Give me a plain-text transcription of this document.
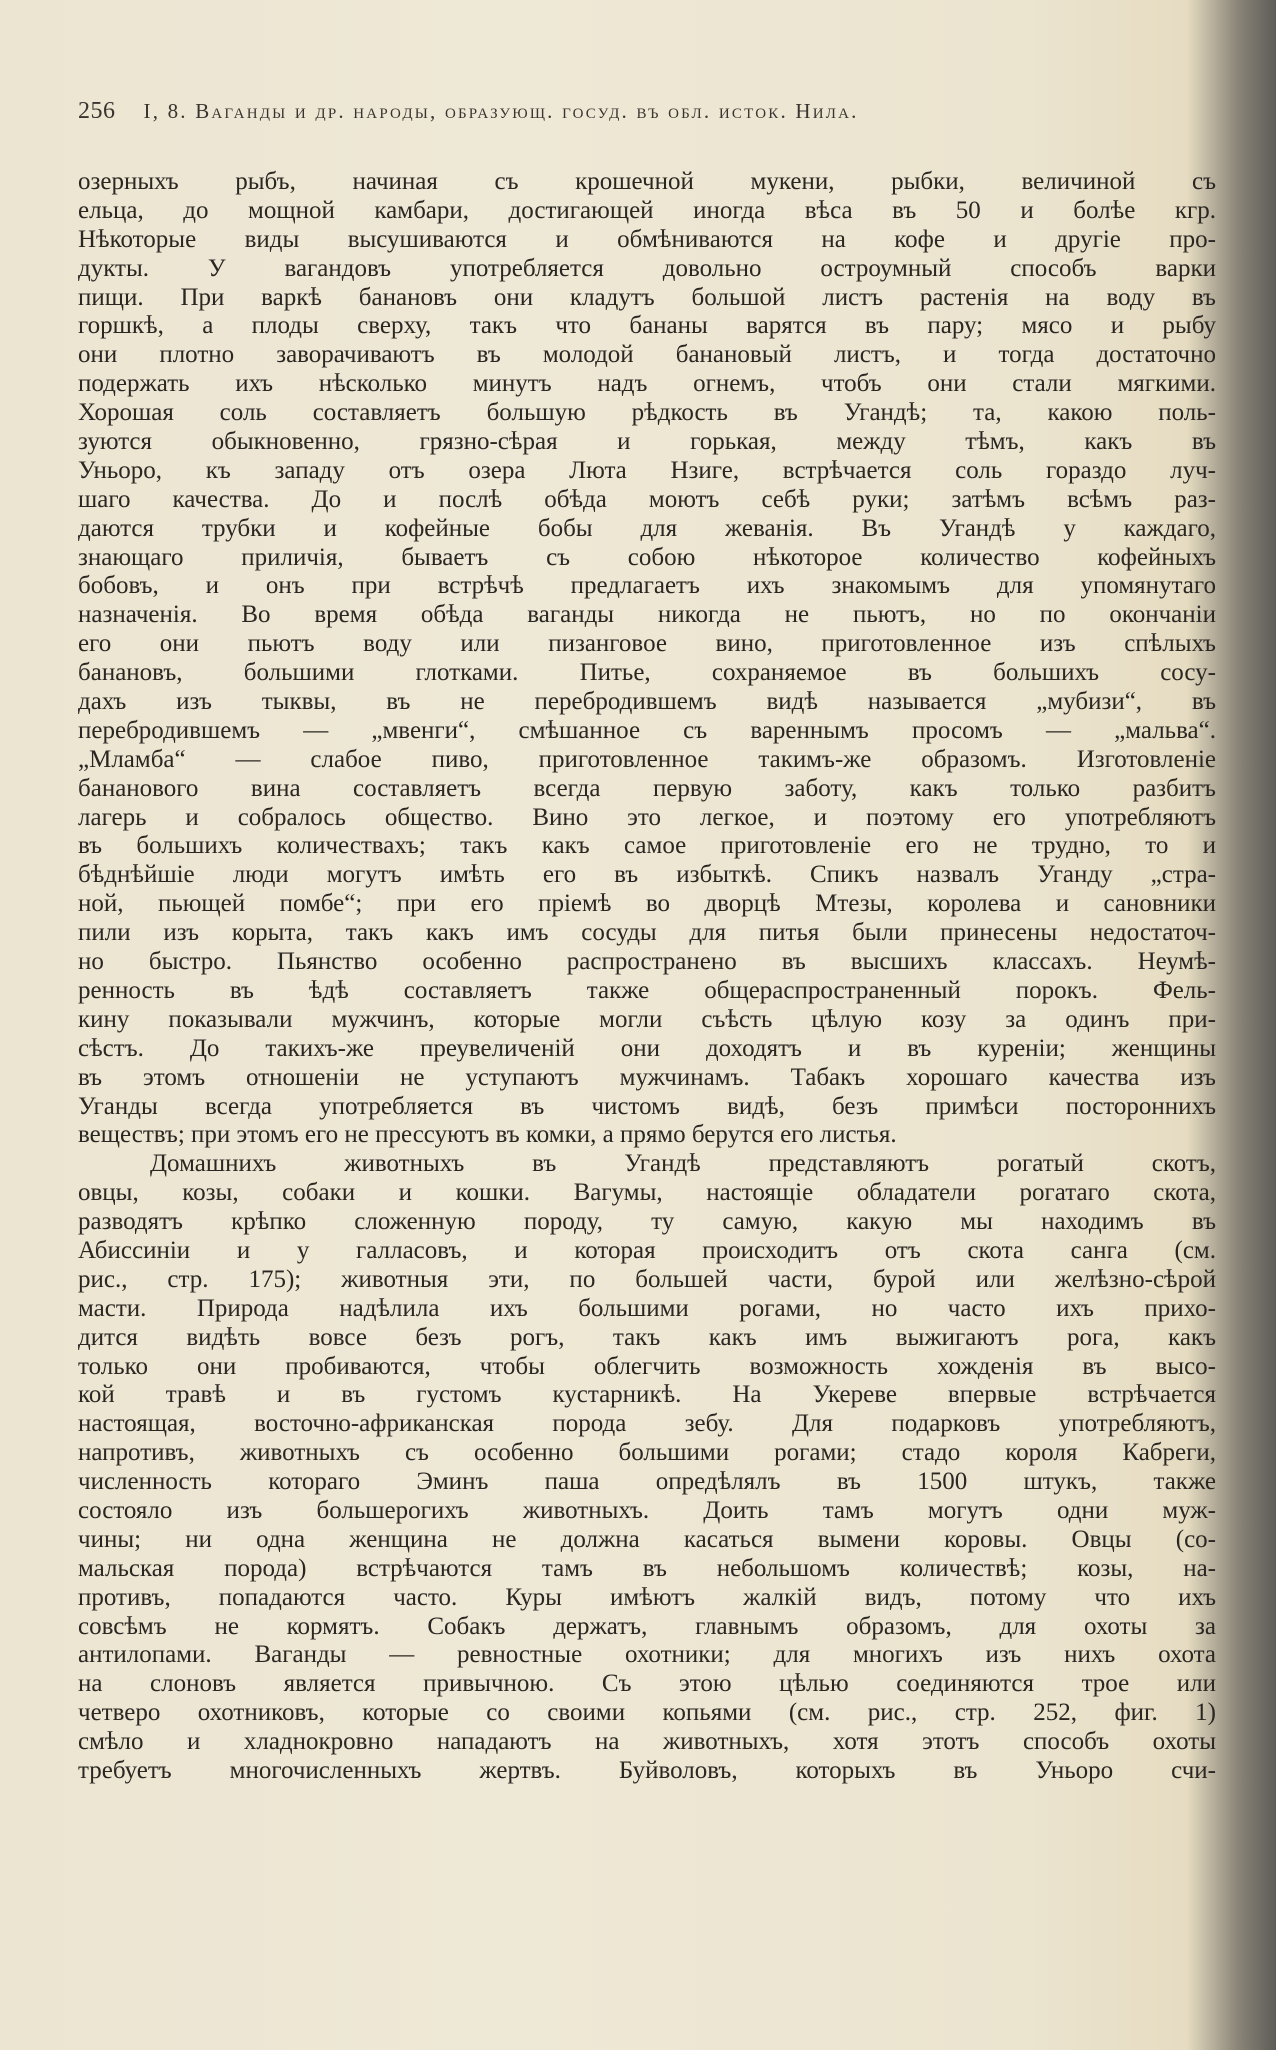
256 I, 8. Ваганды и др. народы, образующ. госуд. въ обл. исток. Нила.
озерныхъ рыбъ, начиная съ крошечной мукени, рыбки, величиной съ
ельца, до мощной камбари, достигающей иногда вѣса въ 50 и болѣе кгр.
Нѣкоторые виды высушиваются и обмѣниваются на кофе и другіе про-
дукты. У вагандовъ употребляется довольно остроумный способъ варки
пищи. При варкѣ банановъ они кладутъ большой листъ растенія на воду въ
горшкѣ, а плоды сверху, такъ что бананы варятся въ пару; мясо и рыбу
они плотно заворачиваютъ въ молодой банановый листъ, и тогда достаточно
подержать ихъ нѣсколько минутъ надъ огнемъ, чтобъ они стали мягкими.
Хорошая соль составляетъ большую рѣдкость въ Угандѣ; та, какою поль-
зуются обыкновенно, грязно-сѣрая и горькая, между тѣмъ, какъ въ
Уньоро, къ западу отъ озера Люта Нзиге, встрѣчается соль гораздо луч-
шаго качества. До и послѣ обѣда моютъ себѣ руки; затѣмъ всѣмъ раз-
даются трубки и кофейные бобы для жеванія. Въ Угандѣ у каждаго,
знающаго приличія, бываетъ съ собою нѣкоторое количество кофейныхъ
бобовъ, и онъ при встрѣчѣ предлагаетъ ихъ знакомымъ для упомянутаго
назначенія. Во время обѣда ваганды никогда не пьютъ, но по окончаніи
его они пьютъ воду или пизанговое вино, приготовленное изъ спѣлыхъ
банановъ, большими глотками. Питье, сохраняемое въ большихъ сосу-
дахъ изъ тыквы, въ не перебродившемъ видѣ называется „мубизи“, въ
перебродившемъ — „мвенги“, смѣшанное съ вареннымъ просомъ — „мальва“.
„Мламба“ — слабое пиво, приготовленное такимъ-же образомъ. Изготовленіе
бананового вина составляетъ всегда первую заботу, какъ только разбитъ
лагерь и собралось общество. Вино это легкое, и поэтому его употребляютъ
въ большихъ количествахъ; такъ какъ самое приготовленіе его не трудно, то и
бѣднѣйшіе люди могутъ имѣть его въ избыткѣ. Спикъ назвалъ Уганду „стра-
ной, пьющей помбе“; при его пріемѣ во дворцѣ Мтезы, королева и сановники
пили изъ корыта, такъ какъ имъ сосуды для питья были принесены недостаточ-
но быстро. Пьянство особенно распространено въ высшихъ классахъ. Неумѣ-
ренность въ ѣдѣ составляетъ также общераспространенный порокъ. Фель-
кину показывали мужчинъ, которые могли съѣсть цѣлую козу за одинъ при-
сѣстъ. До такихъ-же преувеличеній они доходятъ и въ куреніи; женщины
въ этомъ отношеніи не уступаютъ мужчинамъ. Табакъ хорошаго качества изъ
Уганды всегда употребляется въ чистомъ видѣ, безъ примѣси постороннихъ
веществъ; при этомъ его не прессуютъ въ комки, а прямо берутся его листья.
Домашнихъ животныхъ въ Угандѣ представляютъ рогатый скотъ,
овцы, козы, собаки и кошки. Вагумы, настоящіе обладатели рогатаго скота,
разводятъ крѣпко сложенную породу, ту самую, какую мы находимъ въ
Абиссиніи и у галласовъ, и которая происходитъ отъ скота санга (см.
рис., стр. 175); животныя эти, по большей части, бурой или желѣзно-сѣрой
масти. Природа надѣлила ихъ большими рогами, но часто ихъ прихо-
дится видѣть вовсе безъ рогъ, такъ какъ имъ выжигаютъ рога, какъ
только они пробиваются, чтобы облегчить возможность хожденія въ высо-
кой травѣ и въ густомъ кустарникѣ. На Укереве впервые встрѣчается
настоящая, восточно-африканская порода зебу. Для подарковъ употребляютъ,
напротивъ, животныхъ съ особенно большими рогами; стадо короля Кабреги,
численность котораго Эминъ паша опредѣлялъ въ 1500 штукъ, также
состояло изъ большерогихъ животныхъ. Доить тамъ могутъ одни муж-
чины; ни одна женщина не должна касаться вымени коровы. Овцы (со-
мальская порода) встрѣчаются тамъ въ небольшомъ количествѣ; козы, на-
противъ, попадаются часто. Куры имѣютъ жалкій видъ, потому что ихъ
совсѣмъ не кормятъ. Собакъ держатъ, главнымъ образомъ, для охоты за
антилопами. Ваганды — ревностные охотники; для многихъ изъ нихъ охота
на слоновъ является привычною. Съ этою цѣлью соединяются трое или
четверо охотниковъ, которые со своими копьями (см. рис., стр. 252, фиг. 1)
смѣло и хладнокровно нападаютъ на животныхъ, хотя этотъ способъ охоты
требуетъ многочисленныхъ жертвъ. Буйволовъ, которыхъ въ Уньоро счи-
